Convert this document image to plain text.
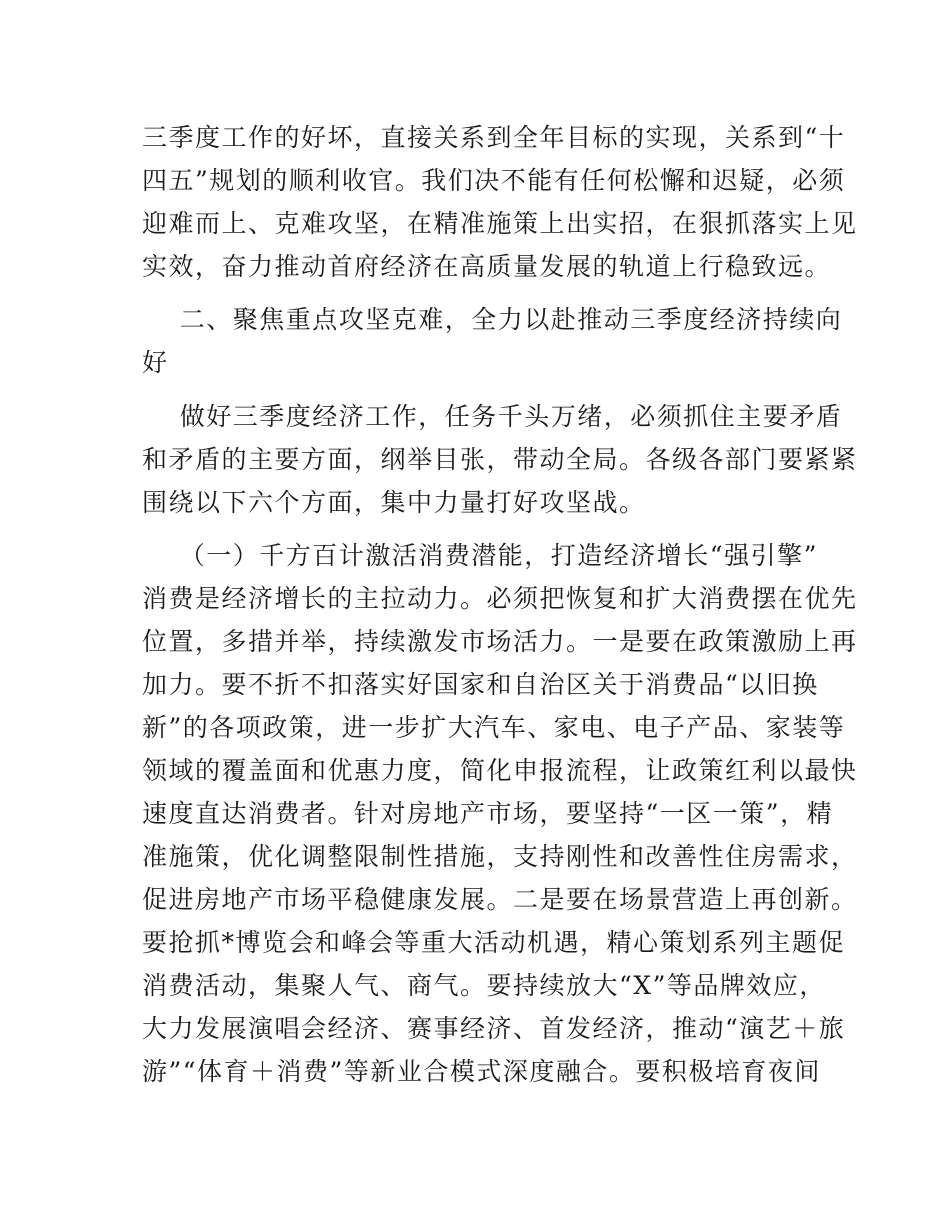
三季度工作的好坏，直接关系到全年目标的实现，关系到“十
四五”规划的顺利收官。我们决不能有任何松懈和迟疑，必须
迎难而上、克难攻坚，在精准施策上出实招，在狠抓落实上见
实效，奋力推动首府经济在高质量发展的轨道上行稳致远。
二、聚焦重点攻坚克难，全力以赴推动三季度经济持续向
好
做好三季度经济工作，任务千头万绪，必须抓住主要矛盾
和矛盾的主要方面，纲举目张，带动全局。各级各部门要紧紧
围绕以下六个方面，集中力量打好攻坚战。
（一）千方百计激活消费潜能，打造经济增长“强引擎”
消费是经济增长的主拉动力。必须把恢复和扩大消费摆在优先
位置，多措并举，持续激发市场活力。一是要在政策激励上再
加力。要不折不扣落实好国家和自治区关于消费品“以旧换
新”的各项政策，进一步扩大汽车、家电、电子产品、家装等
领域的覆盖面和优惠力度，简化申报流程，让政策红利以最快
速度直达消费者。针对房地产市场，要坚持“一区一策”，精
准施策，优化调整限制性措施，支持刚性和改善性住房需求，
促进房地产市场平稳健康发展。二是要在场景营造上再创新。
要抢抓*博览会和峰会等重大活动机遇，精心策划系列主题促
消费活动，集聚人气、商气。要持续放大“X”等品牌效应，
大力发展演唱会经济、赛事经济、首发经济，推动“演艺＋旅
游”“体育＋消费”等新业合模式深度融合。要积极培育夜间
